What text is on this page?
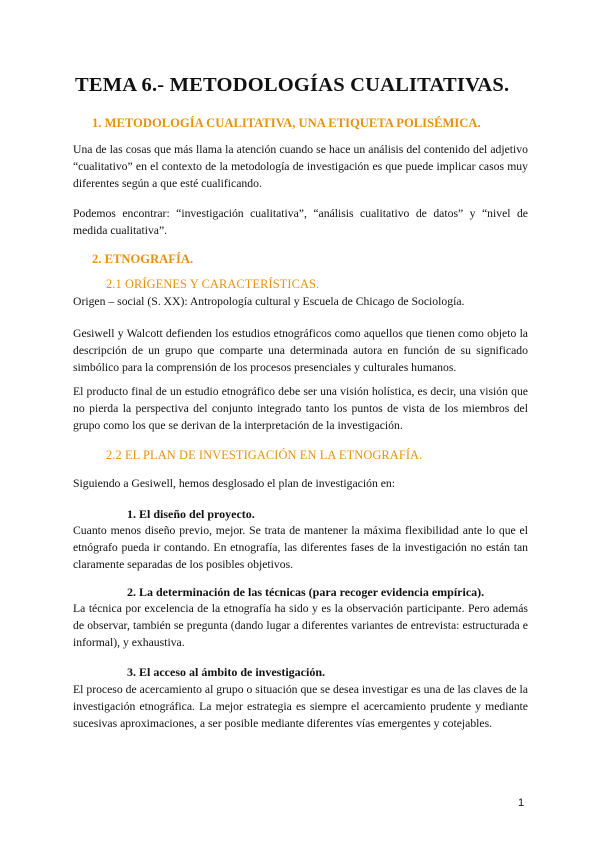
TEMA 6.- METODOLOGÍAS CUALITATIVAS.
1. METODOLOGÍA CUALITATIVA, UNA ETIQUETA POLISÉMICA.

Una de las cosas que más llama la atención cuando se hace un análisis del contenido del adjetivo “cualitativo” en el contexto de la metodología de investigación es que puede implicar casos muy diferentes según a que esté cualificando.

Podemos encontrar: “investigación cualitativa”, “análisis cualitativo de datos” y “nivel de medida cualitativa”.

2. ETNOGRAFÍA.
2.1 ORÍGENES Y CARACTERÍSTICAS.

Origen – social (S. XX): Antropología cultural y Escuela de Chicago de Sociología.

Gesiwell y Walcott defienden los estudios etnográficos como aquellos que tienen como objeto la descripción de un grupo que comparte una determinada autora en función de su significado simbólico para la comprensión de los procesos presenciales y culturales humanos.

El producto final de un estudio etnográfico debe ser una visión holística, es decir, una visión que no pierda la perspectiva del conjunto integrado tanto los puntos de vista de los miembros del grupo como los que se derivan de la interpretación de la investigación.

2.2 EL PLAN DE INVESTIGACIÓN EN LA ETNOGRAFÍA.

Siguiendo a Gesiwell, hemos desglosado el plan de investigación en:

1. El diseño del proyecto.

Cuanto menos diseño previo, mejor. Se trata de mantener la máxima flexibilidad ante lo que el etnógrafo pueda ir contando. En etnografía, las diferentes fases de la investigación no están tan claramente separadas de los posibles objetivos.

2. La determinación de las técnicas (para recoger evidencia empírica).

La técnica por excelencia de la etnografía ha sido y es la observación participante. Pero además de observar, también se pregunta (dando lugar a diferentes variantes de entrevista: estructurada e informal), y exhaustiva.

3. El acceso al ámbito de investigación.

El proceso de acercamiento al grupo o situación que se desea investigar es una de las claves de la investigación etnográfica. La mejor estrategia es siempre el acercamiento prudente y mediante sucesivas aproximaciones, a ser posible mediante diferentes vías emergentes y cotejables.

1
